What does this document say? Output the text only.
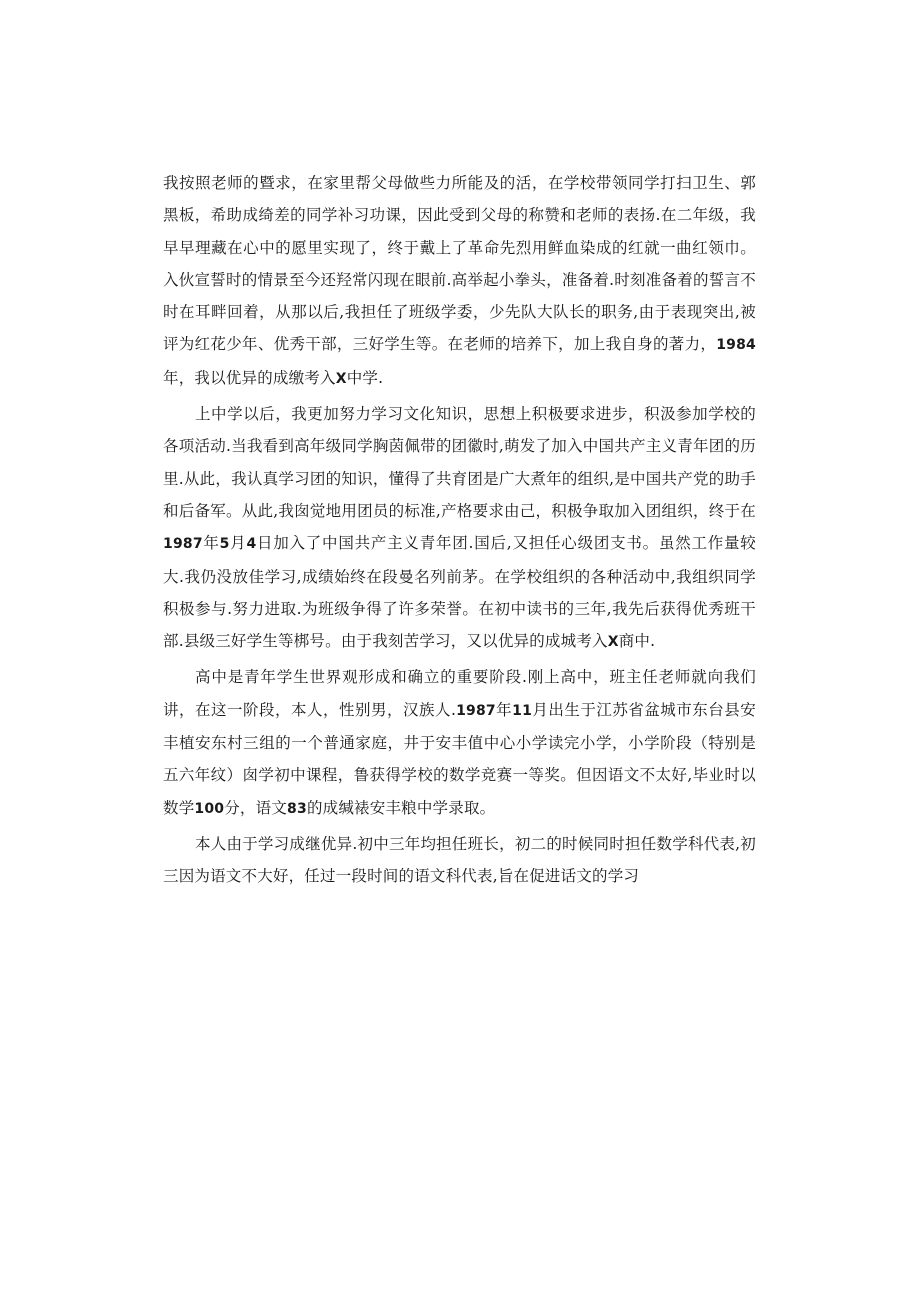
我按照老师的暨求，在家里帮父母做些力所能及的活，在学校带领同学打扫卫生、郭黑板，希助成绮差的同学补习功课，因此受到父母的称赞和老师的表扬.在二年级，我早早理藏在心中的愿里实现了，终于戴上了革命先烈用鲜血染成的红就一曲红领巾。入伙宣誓时的情景至今还羟常闪现在眼前.高举起小拳头，准备着.时刻准备着的誓言不时在耳畔回着，从那以后,我担任了班级学委，少先队大队长的职务,由于表现突出,被评为红花少年、优秀干部，三好学生等。在老师的培养下，加上我自身的著力，1984年，我以优异的成缴考入X中学.

上中学以后，我更加努力学习文化知识，思想上积极要求进步，积汲参加学校的各项活动.当我看到高年级同学胸茵佩带的团徽时,萌发了加入中国共产主义青年团的历里.从此，我认真学习团的知识，懂得了共育团是广大煮年的组织,是中国共产党的助手和后备军。从此,我囱觉地用团员的标准,产格要求由己，积极争取加入团组织，终于在1987年5月4日加入了中国共产主义青年团.国后,又担任心级团支书。虽然工作量较大.我仍没放佳学习,成绩始终在段曼名列前茅。在学校组织的各种活动中,我组织同学积极参与.努力进取.为班级争得了许多荣誉。在初中读书的三年,我先后获得优秀班干部.县级三好学生等梆号。由于我刻苦学习，又以优异的成城考入X商中.

高中是青年学生世界观形成和确立的重要阶段.刚上高中，班主任老师就向我们讲，在这一阶段，本人，性别男，汉族人.1987年11月出生于江苏省盆城市东台县安丰植安东村三组的一个普通家庭，井于安丰值中心小学读完小学，小学阶段（特别是五六年纹）囱学初中课程，鲁获得学校的数学竞赛一等奖。但因语文不太好,毕业时以数学100分，语文83的成缄裱安丰粮中学录取。

本人由于学习成继优异.初中三年均担任班长，初二的时候同时担任数学科代表,初三因为语文不大好，任过一段时间的语文科代表,旨在促进话文的学习
